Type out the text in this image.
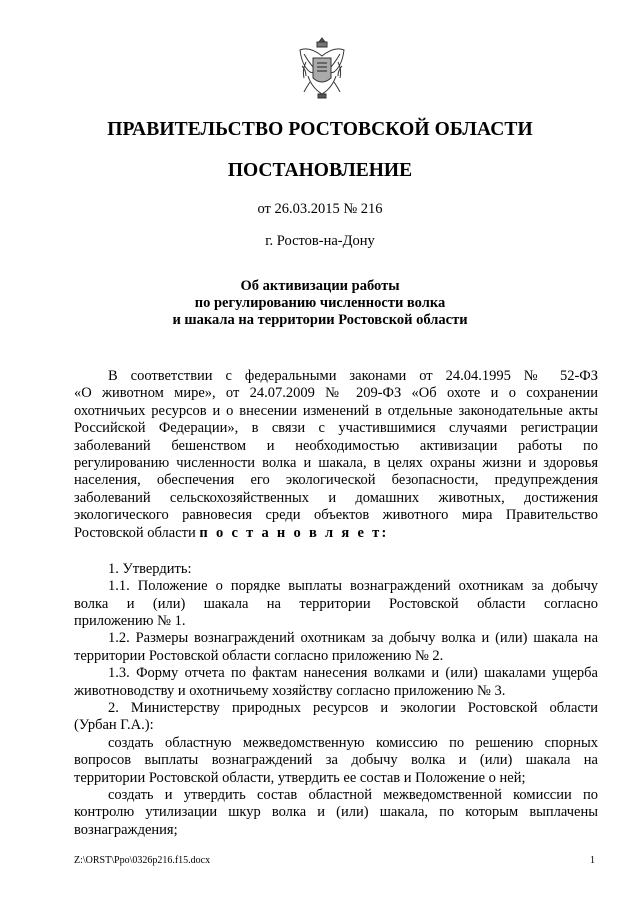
ПРАВИТЕЛЬСТВО РОСТОВСКОЙ ОБЛАСТИ
ПОСТАНОВЛЕНИЕ
от 26.03.2015 № 216
г. Ростов-на-Дону
Об активизации работы
по регулированию численности волка
и шакала на территории Ростовской области
В соответствии с федеральными законами от 24.04.1995 № 52-ФЗ
«О животном мире», от 24.07.2009 № 209-ФЗ «Об охоте и о сохранении
охотничьих ресурсов и о внесении изменений в отдельные законодательные акты
Российской Федерации», в связи с участившимися случаями регистрации
заболеваний бешенством и необходимостью активизации работы по
регулированию численности волка и шакала, в целях охраны жизни и здоровья
населения, обеспечения его экологической безопасности, предупреждения
заболеваний сельскохозяйственных и домашних животных, достижения
экологического равновесия среди объектов животного мира Правительство
Ростовской области п о с т а н о в л я е т:
1. Утвердить:
1.1. Положение о порядке выплаты вознаграждений охотникам за добычу
волка и (или) шакала на территории Ростовской области согласно
приложению № 1.
1.2. Размеры вознаграждений охотникам за добычу волка и (или) шакала на
территории Ростовской области согласно приложению № 2.
1.3. Форму отчета по фактам нанесения волками и (или) шакалами ущерба
животноводству и охотничьему хозяйству согласно приложению № 3.
2. Министерству природных ресурсов и экологии Ростовской области
(Урбан Г.А.):
создать областную межведомственную комиссию по решению спорных
вопросов выплаты вознаграждений за добычу волка и (или) шакала на
территории Ростовской области, утвердить ее состав и Положение о ней;
создать и утвердить состав областной межведомственной комиссии по
контролю утилизации шкур волка и (или) шакала, по которым выплачены
вознаграждения;
Z:\ORST\Ppo\0326p216.f15.docx	1
